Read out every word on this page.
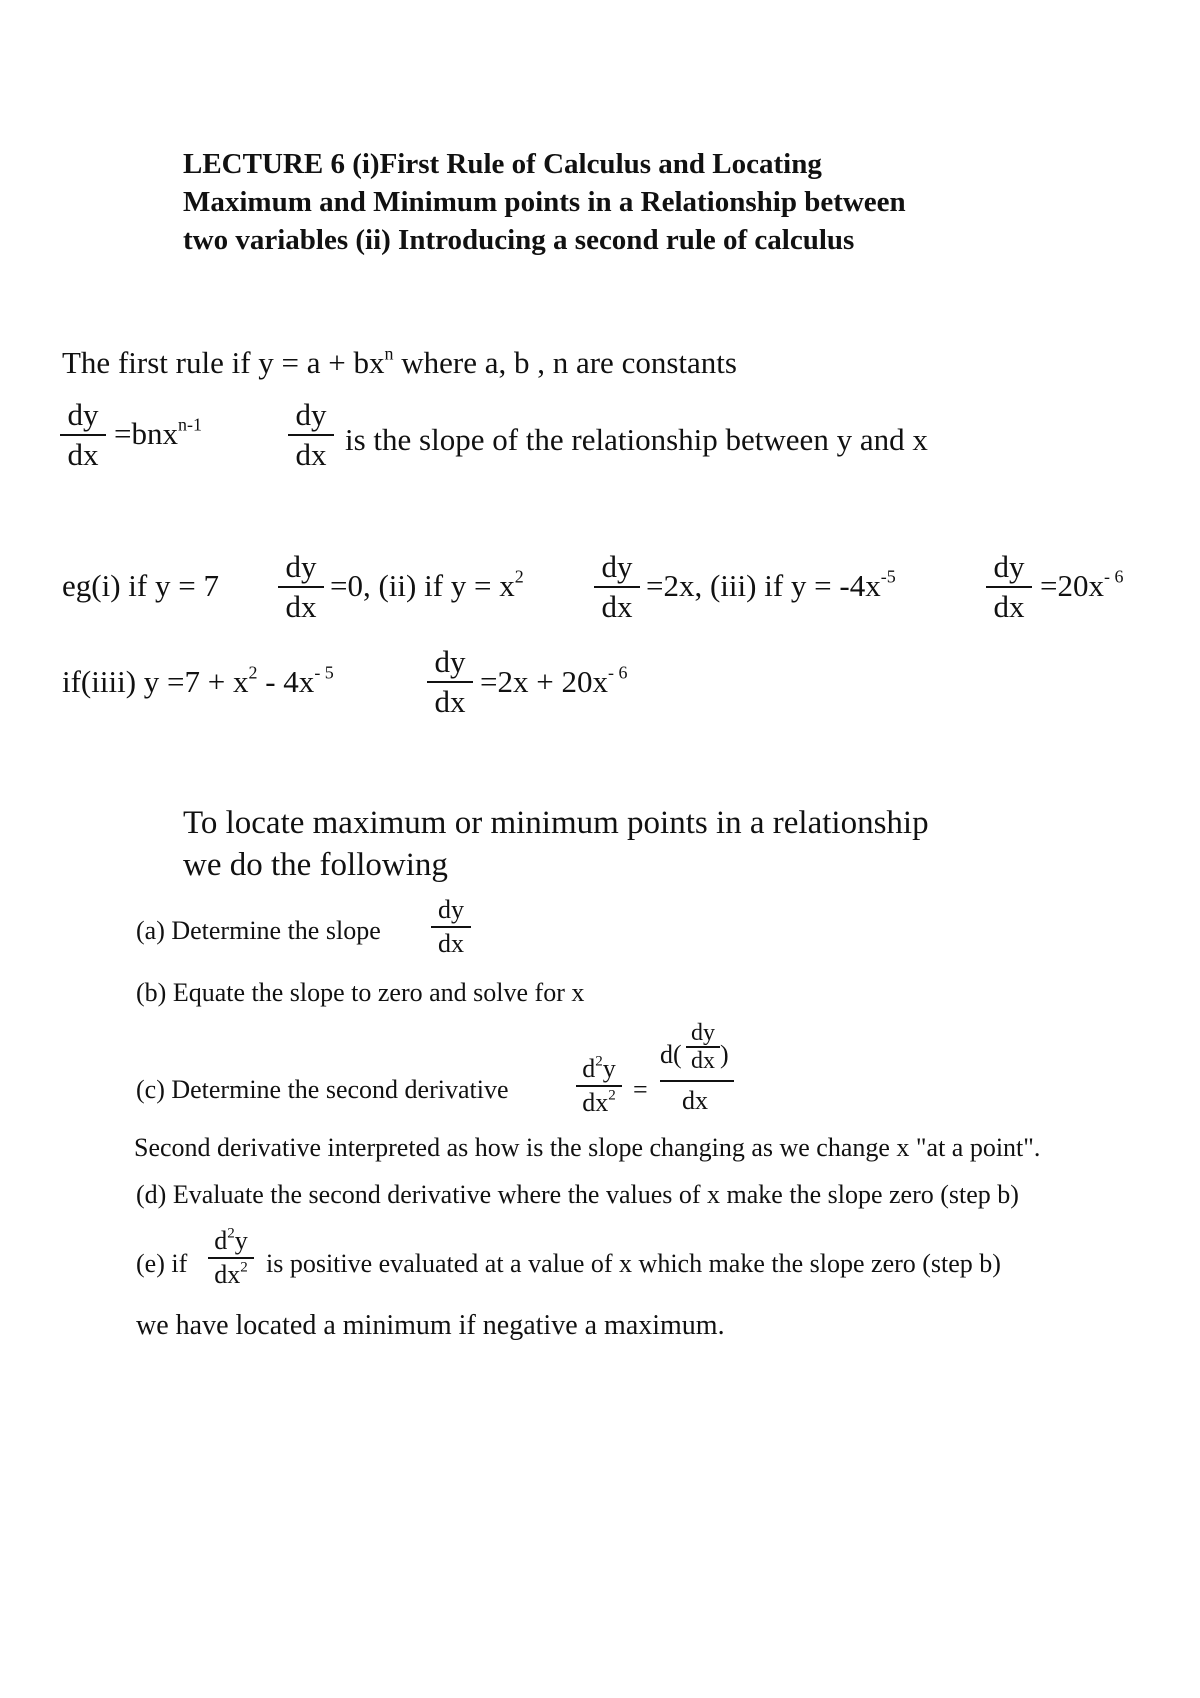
LECTURE 6 (i)First Rule of Calculus and Locating
Maximum and Minimum points in a Relationship between
two variables (ii) Introducing a second rule of calculus
The first rule if $y = a + bx^n$ where a, b , n are constants
dy
dx
=bnx$^{n-1}$	dy
dx is the slope of the relationship between y and x
eg(i) if y = 7
dy
dx
=0, (ii) if $y = x^2$	dy
dx
=2x, (iii) if $y = -4x^{-5}$	dy
dx
$=20x^{- 6}$
if(iiii) $y =7 + x^2 - 4x^{- 5}$	dy
dx
$=2x + 20x^{- 6}$
To locate maximum or minimum points in a relationship
we do the following
(a) Determine the slope
dy
dx
(b) Equate the slope to zero and solve for x
(c) Determine the second derivative
$d^2y$
$dx^2$ =
d(
dy
dx )
dx
Second derivative interpreted as how is the slope changing as we change x "at a point".
(d) Evaluate the second derivative where the values of x make the slope zero (step b)
(e) if
$d^2y$
$dx^2$ is positive evaluated at a value of x which make the slope zero (step b)
we have located a minimum if negative a maximum.
